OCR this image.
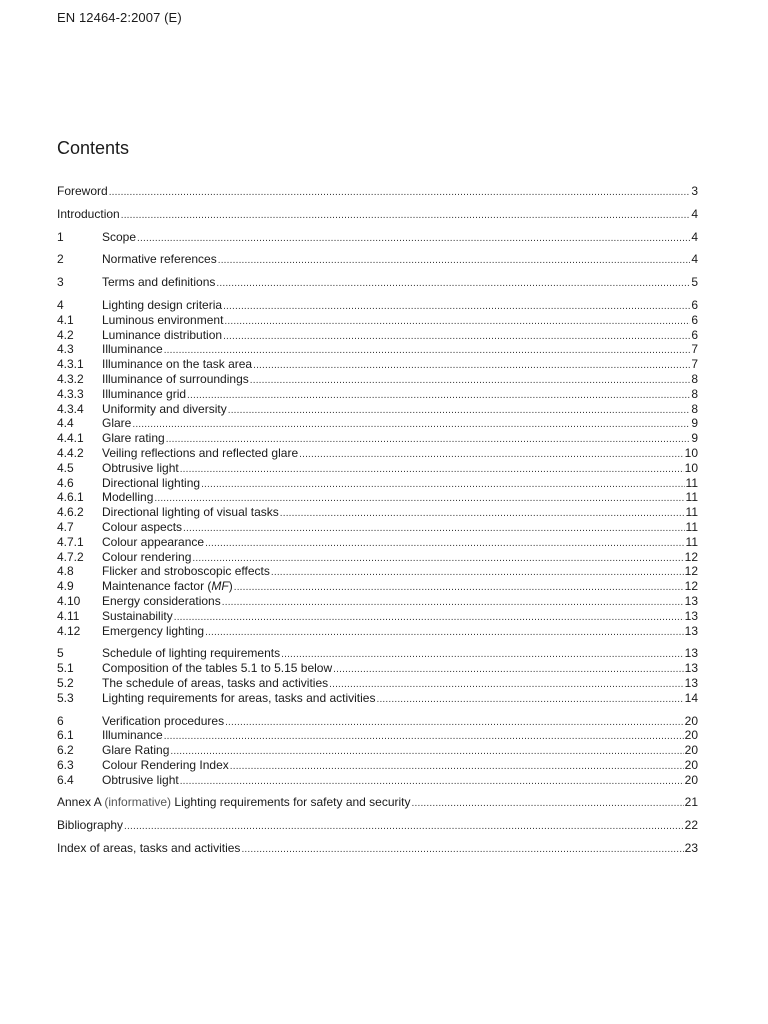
EN 12464-2:2007 (E)
Contents
Foreword .....	3
Introduction .....	4
1	Scope .....	4
2	Normative references .....	4
3	Terms and definitions .....	5
4	Lighting design criteria .....	6
4.1	Luminous environment .....	6
4.2	Luminance distribution .....	6
4.3	Illuminance .....	7
4.3.1	Illuminance on the task area .....	7
4.3.2	Illuminance of surroundings .....	8
4.3.3	Illuminance grid .....	8
4.3.4	Uniformity and diversity .....	8
4.4	Glare .....	9
4.4.1	Glare rating .....	9
4.4.2	Veiling reflections and reflected glare .....	10
4.5	Obtrusive light .....	10
4.6	Directional lighting .....	11
4.6.1	Modelling .....	11
4.6.2	Directional lighting of visual tasks .....	11
4.7	Colour aspects .....	11
4.7.1	Colour appearance .....	11
4.7.2	Colour rendering .....	12
4.8	Flicker and stroboscopic effects .....	12
4.9	Maintenance factor (MF) .....	12
4.10	Energy considerations .....	13
4.11	Sustainability .....	13
4.12	Emergency lighting .....	13
5	Schedule of lighting requirements .....	13
5.1	Composition of the tables 5.1 to 5.15 below .....	13
5.2	The schedule of areas, tasks and activities .....	13
5.3	Lighting requirements for areas, tasks and activities .....	14
6	Verification procedures .....	20
6.1	Illuminance .....	20
6.2	Glare Rating .....	20
6.3	Colour Rendering Index .....	20
6.4	Obtrusive light .....	20
Annex A (informative) Lighting requirements for safety and security .....	21
Bibliography .....	22
Index of areas, tasks and activities .....	23
